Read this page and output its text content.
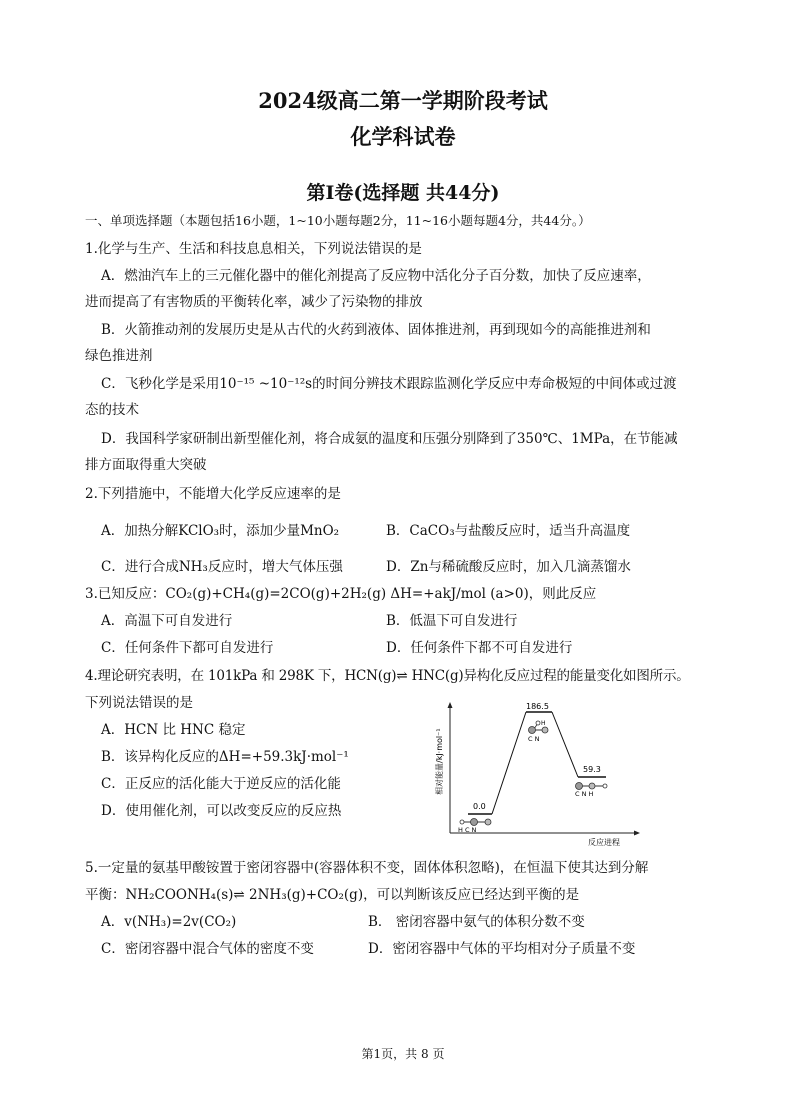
2024级高二第一学期阶段考试
化学科试卷
第Ⅰ卷(选择题 共44分)
一、单项选择题（本题包括16小题，1~10小题每题2分，11~16小题每题4分，共44分。）
1.化学与生产、生活和科技息息相关，下列说法错误的是
A．燃油汽车上的三元催化器中的催化剂提高了反应物中活化分子百分数，加快了反应速率，
进而提高了有害物质的平衡转化率，减少了污染物的排放
B．火箭推动剂的发展历史是从古代的火药到液体、固体推进剂，再到现如今的高能推进剂和
绿色推进剂
C．飞秒化学是采用10⁻¹⁵ ~10⁻¹²s的时间分辨技术跟踪监测化学反应中寿命极短的中间体或过渡
态的技术
D．我国科学家研制出新型催化剂，将合成氨的温度和压强分别降到了350℃、1MPa，在节能减
排方面取得重大突破
2.下列措施中，不能增大化学反应速率的是
A．加热分解KClO₃时，添加少量MnO₂	B．CaCO₃与盐酸反应时，适当升高温度
C．进行合成NH₃反应时，增大气体压强	D．Zn与稀硫酸反应时，加入几滴蒸馏水
3.已知反应：CO₂(g)+CH₄(g)=2CO(g)+2H₂(g) ΔH=+akJ/mol (a>0)，则此反应
A．高温下可自发进行	B．低温下可自发进行
C．任何条件下都可自发进行	D．任何条件下都不可自发进行
4.理论研究表明，在 101kPa 和 298K 下，HCN(g)⇌ HNC(g)异构化反应过程的能量变化如图所示。
下列说法错误的是
A．HCN 比 HNC 稳定
B．该异构化反应的ΔH=+59.3kJ·mol⁻¹
C．正反应的活化能大于逆反应的活化能
D．使用催化剂，可以改变反应的反应热
相对能量/kJ·mol⁻¹
反应进程
0.0
186.5
59.3
H C N
H
C N
C N H
5.一定量的氨基甲酸铵置于密闭容器中(容器体积不变，固体体积忽略)，在恒温下使其达到分解
平衡：NH₂COONH₄(s)⇌ 2NH₃(g)+CO₂(g)，可以判断该反应已经达到平衡的是
A．v(NH₃)=2v(CO₂)	B． 密闭容器中氨气的体积分数不变
C．密闭容器中混合气体的密度不变	D．密闭容器中气体的平均相对分子质量不变
第1页，共 8 页
